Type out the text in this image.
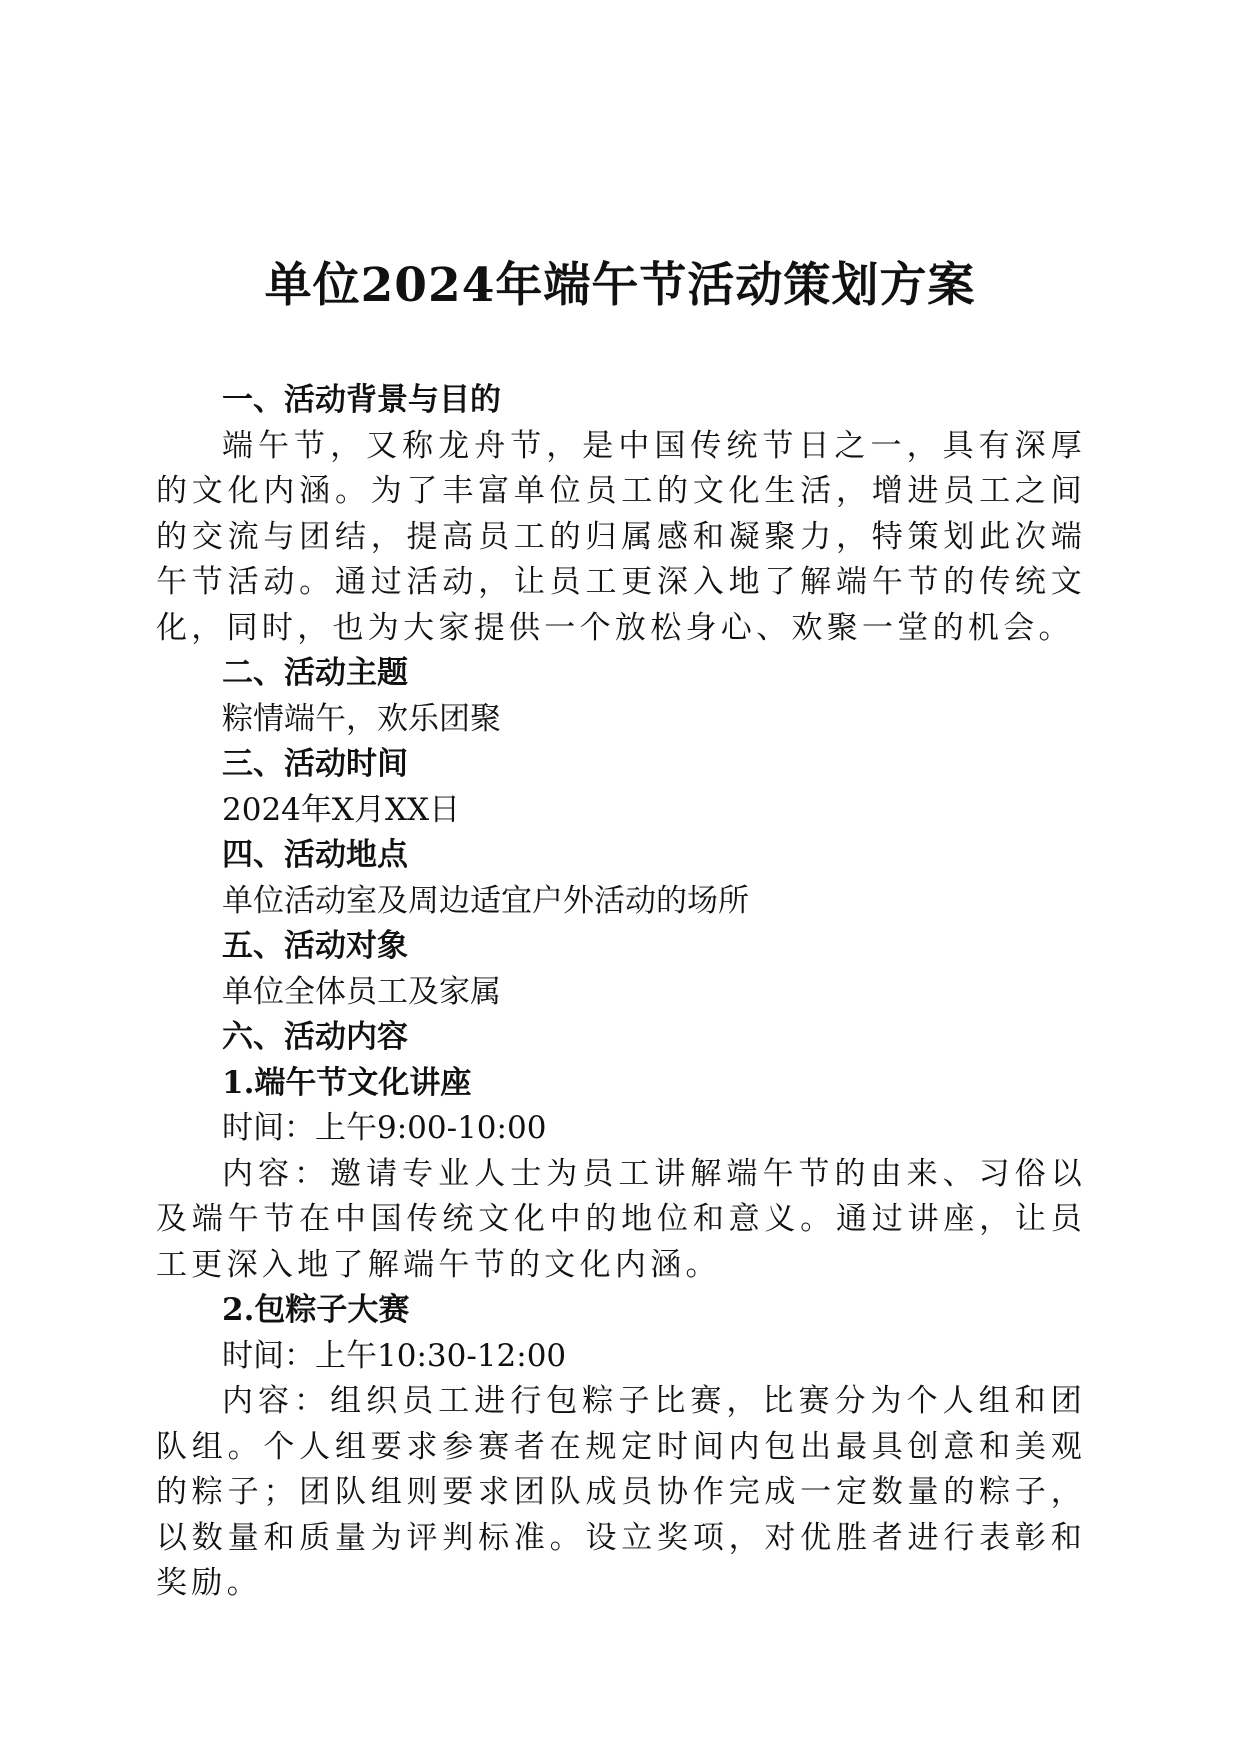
单位2024年端午节活动策划方案

一、活动背景与目的

端午节，又称龙舟节，是中国传统节日之一，具有深厚的文化内涵。为了丰富单位员工的文化生活，增进员工之间的交流与团结，提高员工的归属感和凝聚力，特策划此次端午节活动。通过活动，让员工更深入地了解端午节的传统文化，同时，也为大家提供一个放松身心、欢聚一堂的机会。

二、活动主题

粽情端午，欢乐团聚

三、活动时间

2024年X月XX日

四、活动地点

单位活动室及周边适宜户外活动的场所

五、活动对象

单位全体员工及家属

六、活动内容

1.端午节文化讲座

时间：上午9:00-10:00

内容：邀请专业人士为员工讲解端午节的由来、习俗以及端午节在中国传统文化中的地位和意义。通过讲座，让员工更深入地了解端午节的文化内涵。

2.包粽子大赛

时间：上午10:30-12:00

内容：组织员工进行包粽子比赛，比赛分为个人组和团队组。个人组要求参赛者在规定时间内包出最具创意和美观的粽子；团队组则要求团队成员协作完成一定数量的粽子，以数量和质量为评判标准。设立奖项，对优胜者进行表彰和奖励。
